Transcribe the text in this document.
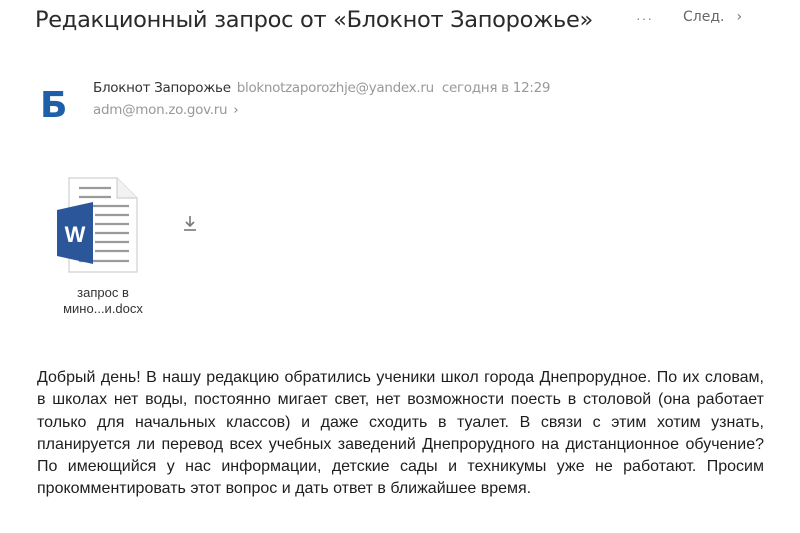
Редакционный запрос от «Блокнот Запорожье»	··· След. ›
Б	Блокнот Запорожье bloknotzaporozhje@yandex.ru сегодня в 12:29
adm@mon.zo.gov.ru ›
W
запрос в
мино...и.docx

Добрый день! В нашу редакцию обратились ученики школ города Днепрорудное. По их словам, в школах нет воды, постоянно мигает свет, нет возможности поесть в столовой (она работает только для начальных классов) и даже сходить в туалет. В связи с этим хотим узнать, планируется ли перевод всех учебных заведений Днепрорудного на дистанционное обучение? По имеющийся у нас информации, детские сады и техникумы уже не работают. Просим прокомментировать этот вопрос и дать ответ в ближайшее время.
